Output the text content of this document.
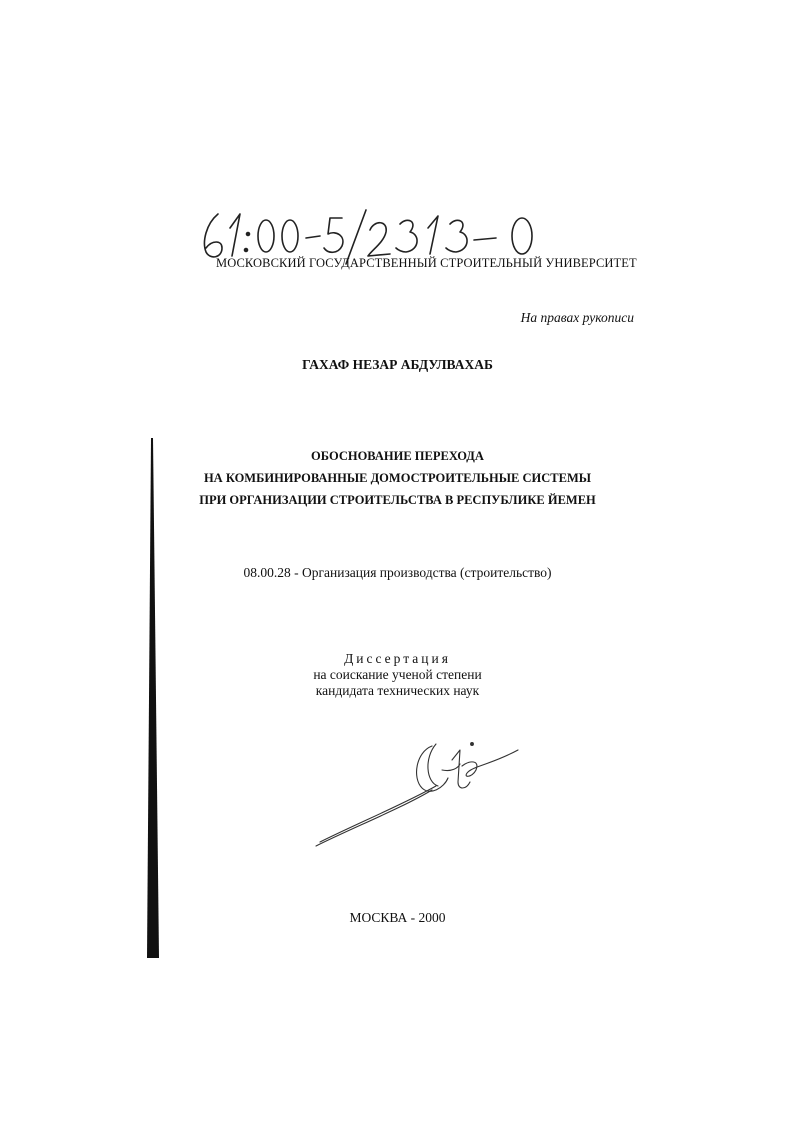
МОСКОВСКИЙ ГОСУДАРСТВЕННЫЙ СТРОИТЕЛЬНЫЙ УНИВЕРСИТЕТ
На правах рукописи
ГАХАФ НЕЗАР АБДУЛВАХАБ
ОБОСНОВАНИЕ ПЕРЕХОДА
НА КОМБИНИРОВАННЫЕ ДОМОСТРОИТЕЛЬНЫЕ СИСТЕМЫ
ПРИ ОРГАНИЗАЦИИ СТРОИТЕЛЬСТВА В РЕСПУБЛИКЕ ЙЕМЕН
08.00.28 - Организация производства (строительство)
Диссертация
на соискание ученой степени
кандидата технических наук
МОСКВА - 2000
